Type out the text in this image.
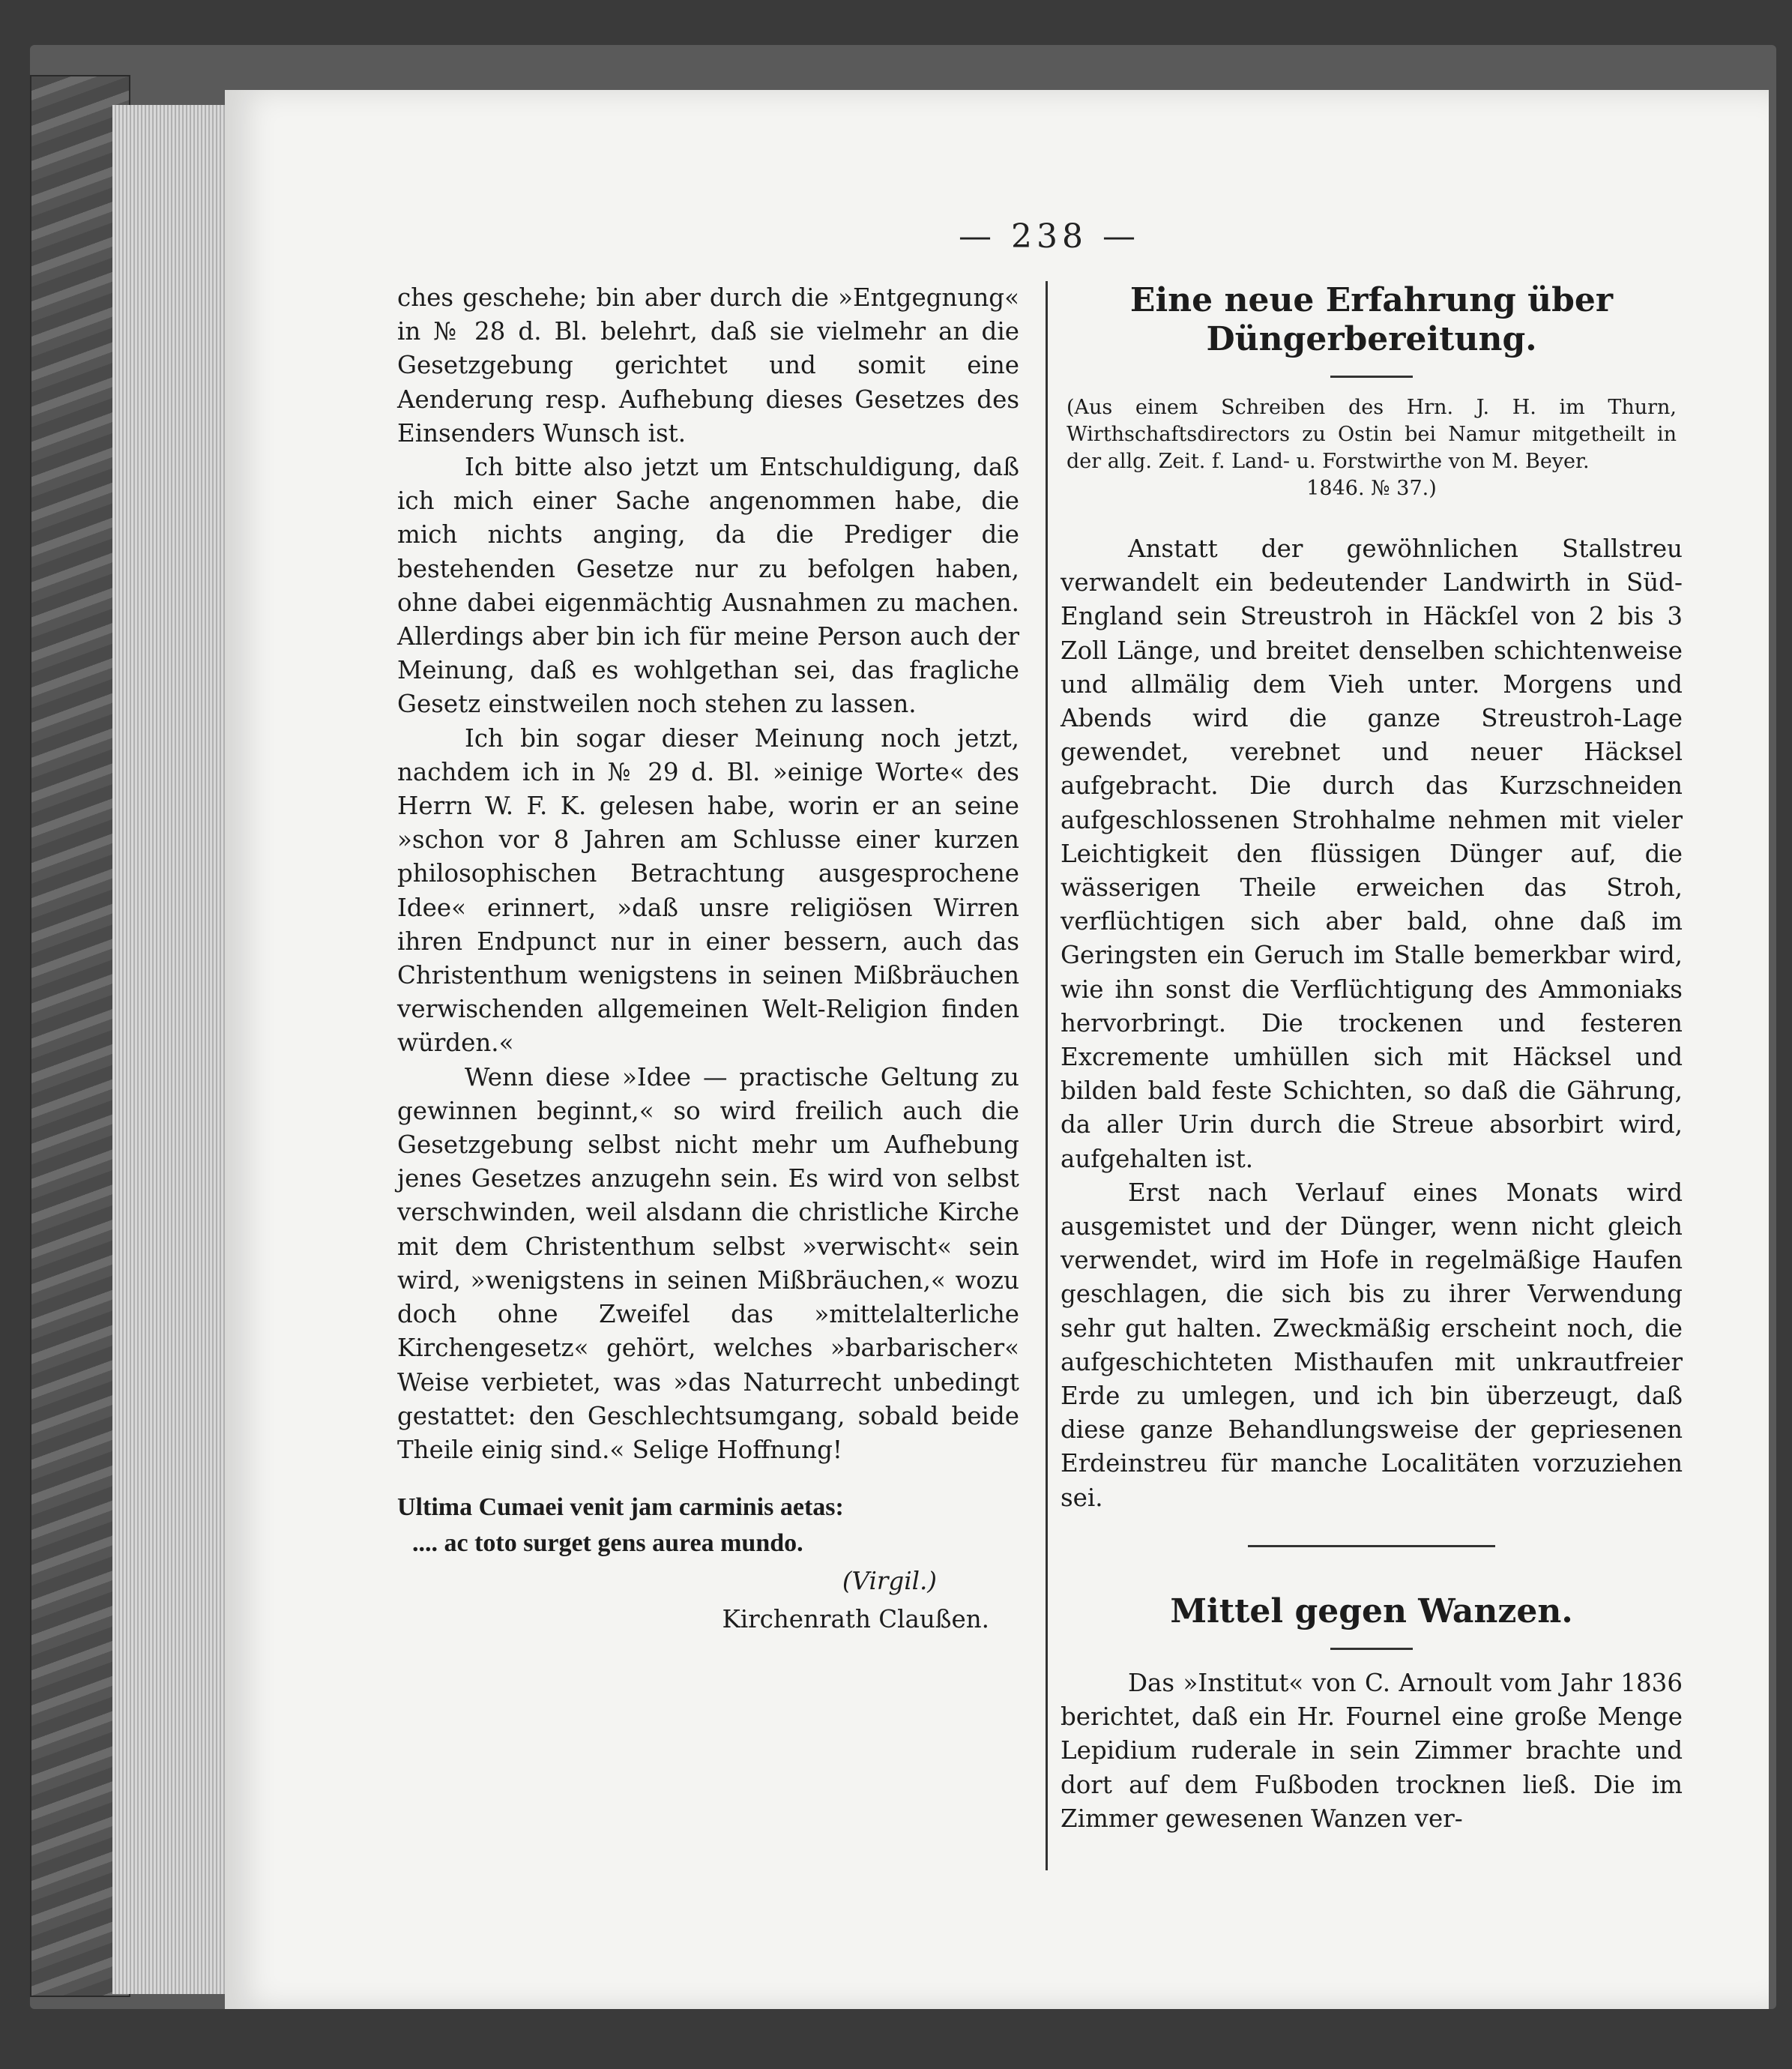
— 238 —

ches geschehe; bin aber durch die »Entgegnung« in № 28 d. Bl. belehrt, daß sie vielmehr an die Gesetzgebung gerichtet und somit eine Aenderung resp. Aufhebung dieses Gesetzes des Einsenders Wunsch ist.

Ich bitte also jetzt um Entschuldigung, daß ich mich einer Sache angenommen habe, die mich nichts anging, da die Prediger die bestehenden Gesetze nur zu befolgen haben, ohne dabei eigenmächtig Ausnahmen zu machen. Allerdings aber bin ich für meine Person auch der Meinung, daß es wohlgethan sei, das fragliche Gesetz einstweilen noch stehen zu lassen.

Ich bin sogar dieser Meinung noch jetzt, nachdem ich in № 29 d. Bl. »einige Worte« des Herrn W. F. K. gelesen habe, worin er an seine »schon vor 8 Jahren am Schlusse einer kurzen philosophischen Betrachtung ausgesprochene Idee« erinnert, »daß unsre religiösen Wirren ihren Endpunct nur in einer bessern, auch das Christenthum wenigstens in seinen Mißbräuchen verwischenden allgemeinen Welt-Religion finden würden.«

Wenn diese »Idee — practische Geltung zu gewinnen beginnt,« so wird freilich auch die Gesetzgebung selbst nicht mehr um Aufhebung jenes Gesetzes anzugehn sein. Es wird von selbst verschwinden, weil alsdann die christliche Kirche mit dem Christenthum selbst »verwischt« sein wird, »wenigstens in seinen Mißbräuchen,« wozu doch ohne Zweifel das »mittelalterliche Kirchengesetz« gehört, welches »barbarischer« Weise verbietet, was »das Naturrecht unbedingt gestattet: den Geschlechtsumgang, sobald beide Theile einig sind.« Selige Hoffnung!

Ultima Cumaei venit jam carminis aetas:
.... ac toto surget gens aurea mundo.
(Virgil.)
Kirchenrath Claußen.
Eine neue Erfahrung über Düngerbereitung.
(Aus einem Schreiben des Hrn. J. H. im Thurn, Wirthschaftsdirectors zu Ostin bei Namur mitgetheilt in der allg. Zeit. f. Land- u. Forstwirthe von M. Beyer.
1846. № 37.)

Anstatt der gewöhnlichen Stallstreu verwandelt ein bedeutender Landwirth in Süd-England sein Streustroh in Häckſel von 2 bis 3 Zoll Länge, und breitet denselben schichtenweise und allmälig dem Vieh unter. Morgens und Abends wird die ganze Streustroh-Lage gewendet, verebnet und neuer Häcksel aufgebracht. Die durch das Kurzschneiden aufgeschlossenen Strohhalme nehmen mit vieler Leichtigkeit den flüssigen Dünger auf, die wässerigen Theile erweichen das Stroh, verflüchtigen sich aber bald, ohne daß im Geringsten ein Geruch im Stalle bemerkbar wird, wie ihn sonst die Verflüchtigung des Ammoniaks hervorbringt. Die trockenen und festeren Excremente umhüllen sich mit Häcksel und bilden bald feste Schichten, so daß die Gährung, da aller Urin durch die Streue absorbirt wird, aufgehalten ist.

Erst nach Verlauf eines Monats wird ausgemistet und der Dünger, wenn nicht gleich verwendet, wird im Hofe in regelmäßige Haufen geschlagen, die sich bis zu ihrer Verwendung sehr gut halten. Zweckmäßig erscheint noch, die aufgeschichteten Misthaufen mit unkrautfreier Erde zu umlegen, und ich bin überzeugt, daß diese ganze Behandlungsweise der gepriesenen Erdeinstreu für manche Localitäten vorzuziehen sei.

Mittel gegen Wanzen.

Das »Institut« von C. Arnoult vom Jahr 1836 berichtet, daß ein Hr. Fournel eine große Menge Lepidium ruderale in sein Zimmer brachte und dort auf dem Fußboden trocknen ließ. Die im Zimmer gewesenen Wanzen ver-
